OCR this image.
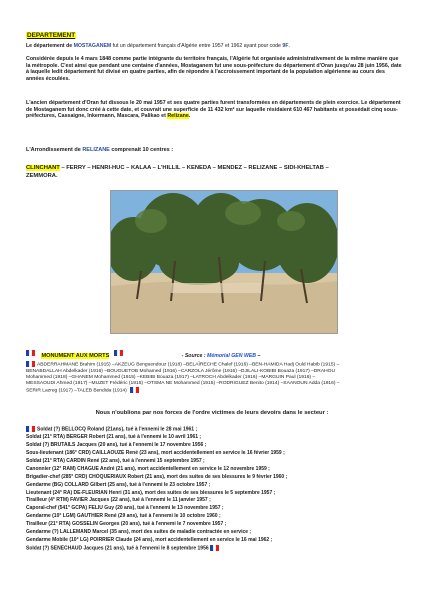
DEPARTEMENT

Le département de MOSTAGANEM fut un département français d'Algérie entre 1957 et 1962 ayant pour code 9F.

Considérée depuis le 4 mars 1848 comme partie intégrante du territoire français, l'Algérie fut organisée administrativement de la même manière que la métropole. C'est ainsi que pendant une centaine d'années, Mostaganem fut une sous-préfecture du département d'Oran jusqu'au 28 juin 1956, date à laquelle ledit département fut divisé en quatre parties, afin de répondre à l'accroissement important de la population algérienne au cours des années écoulées.

L'ancien département d'Oran fut dissous le 20 mai 1957 et ses quatre parties furent transformées en départements de plein exercice. Le département de Mostaganem fut donc créé à cette date, et couvrait une superficie de 11 432 km² sur laquelle résidaient 610 467 habitants et possédait cinq sous-préfectures, Cassaigne, Inkermann, Mascara, Palikao et Relizane.

L'Arrondissement de RELIZANE comprenait 10 centres :

CLINCHANT – FERRY – HENRI-HUC – KALAA – L'HILLIL – KENEDA – MENDEZ – RELIZANE – SIDI-KHELTAB –
ZEMMORA.

MONUMENT AUX MORTS	- Source : Mémorial GEN WEB –

ABDERRAHMANE Brahim (1915) –AKZEUG Benguendouz (1918) –BELAÏRECHE Chalef (1916) –BEN-HAMIDA Hadj Ould Habib (1915) –

BENABDALLAH Abdelkader (1916) –BOUGUETOB Mohamed (1916) –CARZOLA Jérôme (1916) –DJILALI-KOBIBI Bouaza (1917) –DRAHOU

Mohammed (1918) –GHANEM Mohammed (1915) –KEBIBI Bouaza (1917) –LATROCH Abdelkader (1916) –MARGUIN Paul (1916) –

MESSAOUDI Ahmed (1917) –MUZET Frédéric (1915) –OTSMA NE Mohammed (1915) –RODRIGUEZ Benito (1914) –SAANOUN Adda (1916) –

SERIR Lazreg (1917) –TALEB Bendida (1914)

Nous n'oublions par nos forces de l'ordre victimes de leurs devoirs dans le secteur :

Soldat (?) BELLOCQ Roland (21ans), tué à l'ennemi le 28 mai 1961 ;

Soldat (21° RTA) BERGER Robert (21 ans), tué à l'ennemi le 10 avril 1961 ;

Soldat (?) BRUTAILS Jacques (20 ans), tué à l'ennemi le 17 novembre 1956 ;

Sous-lieutenant (186° CRD) CAILLAOUZE René (23 ans), mort accidentellement en service le 16 février 1959 ;

Soldat (21° RTA) CARDIN René (22 ans), tué à l'ennemi 15 septembre 1957 ;

Canonnier (12° RAM) CHAGUE André (21 ans), mort accidentellement en service le 12 novembre 1959 ;

Brigadier-chef (285° CRD) CHOQUERIAUX Robert (21 ans), mort des suites de ses blessures le 9 février 1960 ;

Gendarme (BG) COLLARD Gilbert (25 ans), tué à l'ennemi le 23 octobre 1957 ;

Lieutenant (24° RA) DE-FLEURIAN Henri (31 ans), mort des suites de ses blessures le 5 septembre 1957 ;

Tirailleur (4° RTM) FAVIER Jacques (22 ans), tué à l'ennemi le 11 janvier 1957 ;

Caporal-chef (541° GCPA) FELIU Guy (20 ans), tué à l'ennemi le 13 novembre 1957 ;

Gendarme (10° LGM) GAUTHIER René (29 ans), tué à l'ennemi le 10 octobre 1960 ;

Tirailleur (21° RTA) GOSSELIN Georges (20 ans), tué à l'ennemi le 7 novembre 1957 ;

Gendarme (?) LALLEMAND Marcel (35 ans), mort des suites de maladie contractée en service ;

Gendarme Mobile (10° LG) POIRRIER Claude (24 ans), mort accidentellement en service le 16 mai 1962 ;

Soldat (?) SENECHAUD Jacques (21 ans), tué à l'ennemi le 8 septembre 1956
